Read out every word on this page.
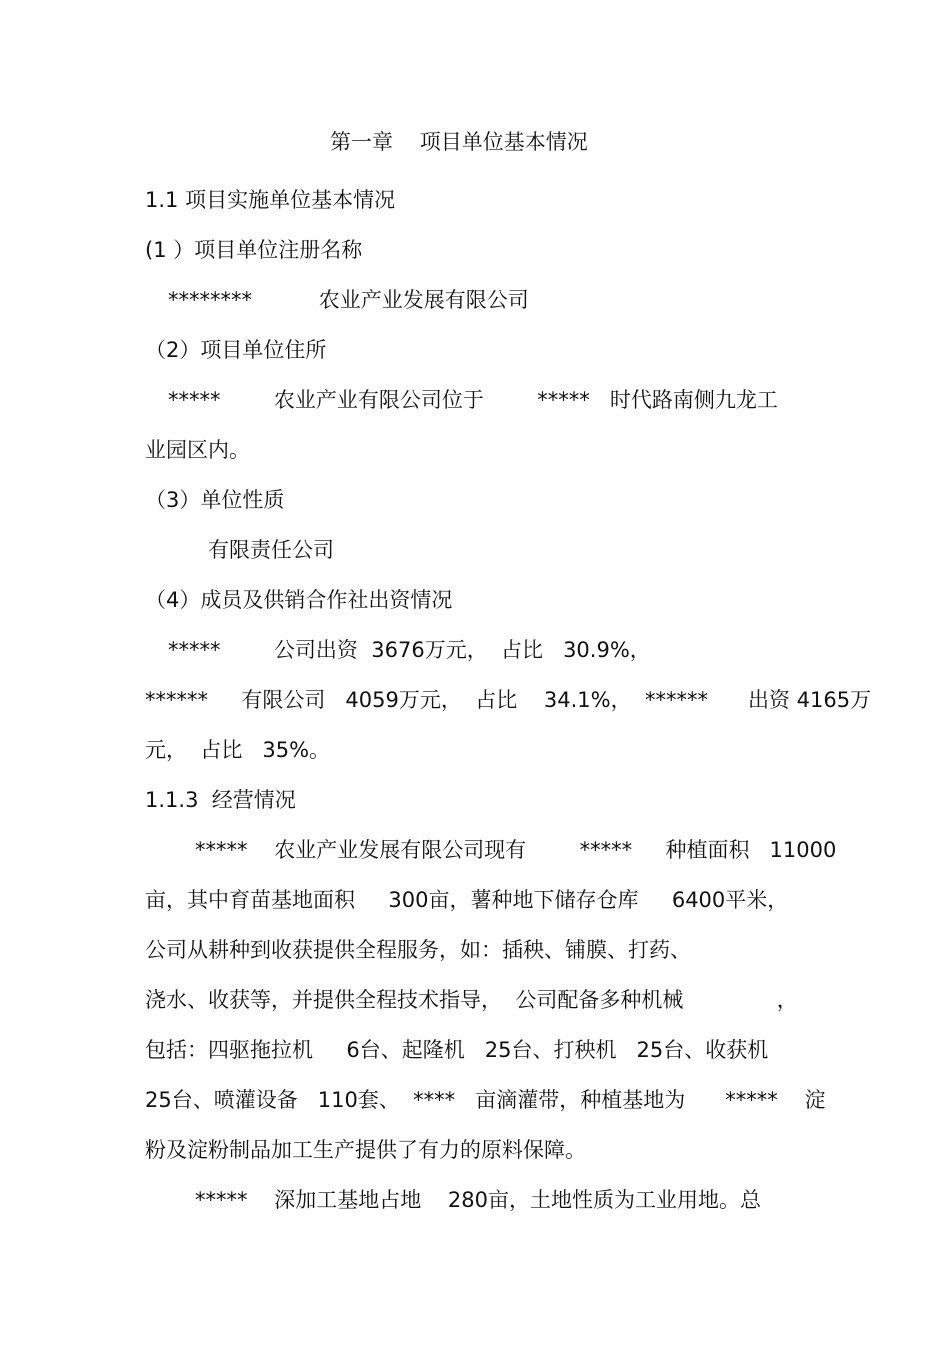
第一章    项目单位基本情况

1.1 项目实施单位基本情况

(1 ）项目单位注册名称

********          农业产业发展有限公司

（2）项目单位住所

*****        农业产业有限公司位于        *****   时代路南侧九龙工

业园区内。

（3）单位性质

有限责任公司

（4）成员及供销合作社出资情况

*****        公司出资  3676万元，  占比   30.9%，

******     有限公司   4059万元，  占比    34.1%，  ******      出资 4165万

元，  占比   35%。

1.1.3  经营情况

*****    农业产业发展有限公司现有        *****     种植面积   11000

亩，其中育苗基地面积     300亩，薯种地下储存仓库     6400平米，

公司从耕种到收获提供全程服务，如：插秧、铺膜、打药、

浇水、收获等，并提供全程技术指导，  公司配备多种机械              ，

包括：四驱拖拉机     6台、起隆机   25台、打秧机   25台、收获机

25台、喷灌设备   110套、  ****   亩滴灌带，种植基地为      *****    淀

粉及淀粉制品加工生产提供了有力的原料保障。

*****    深加工基地占地    280亩，土地性质为工业用地。总
